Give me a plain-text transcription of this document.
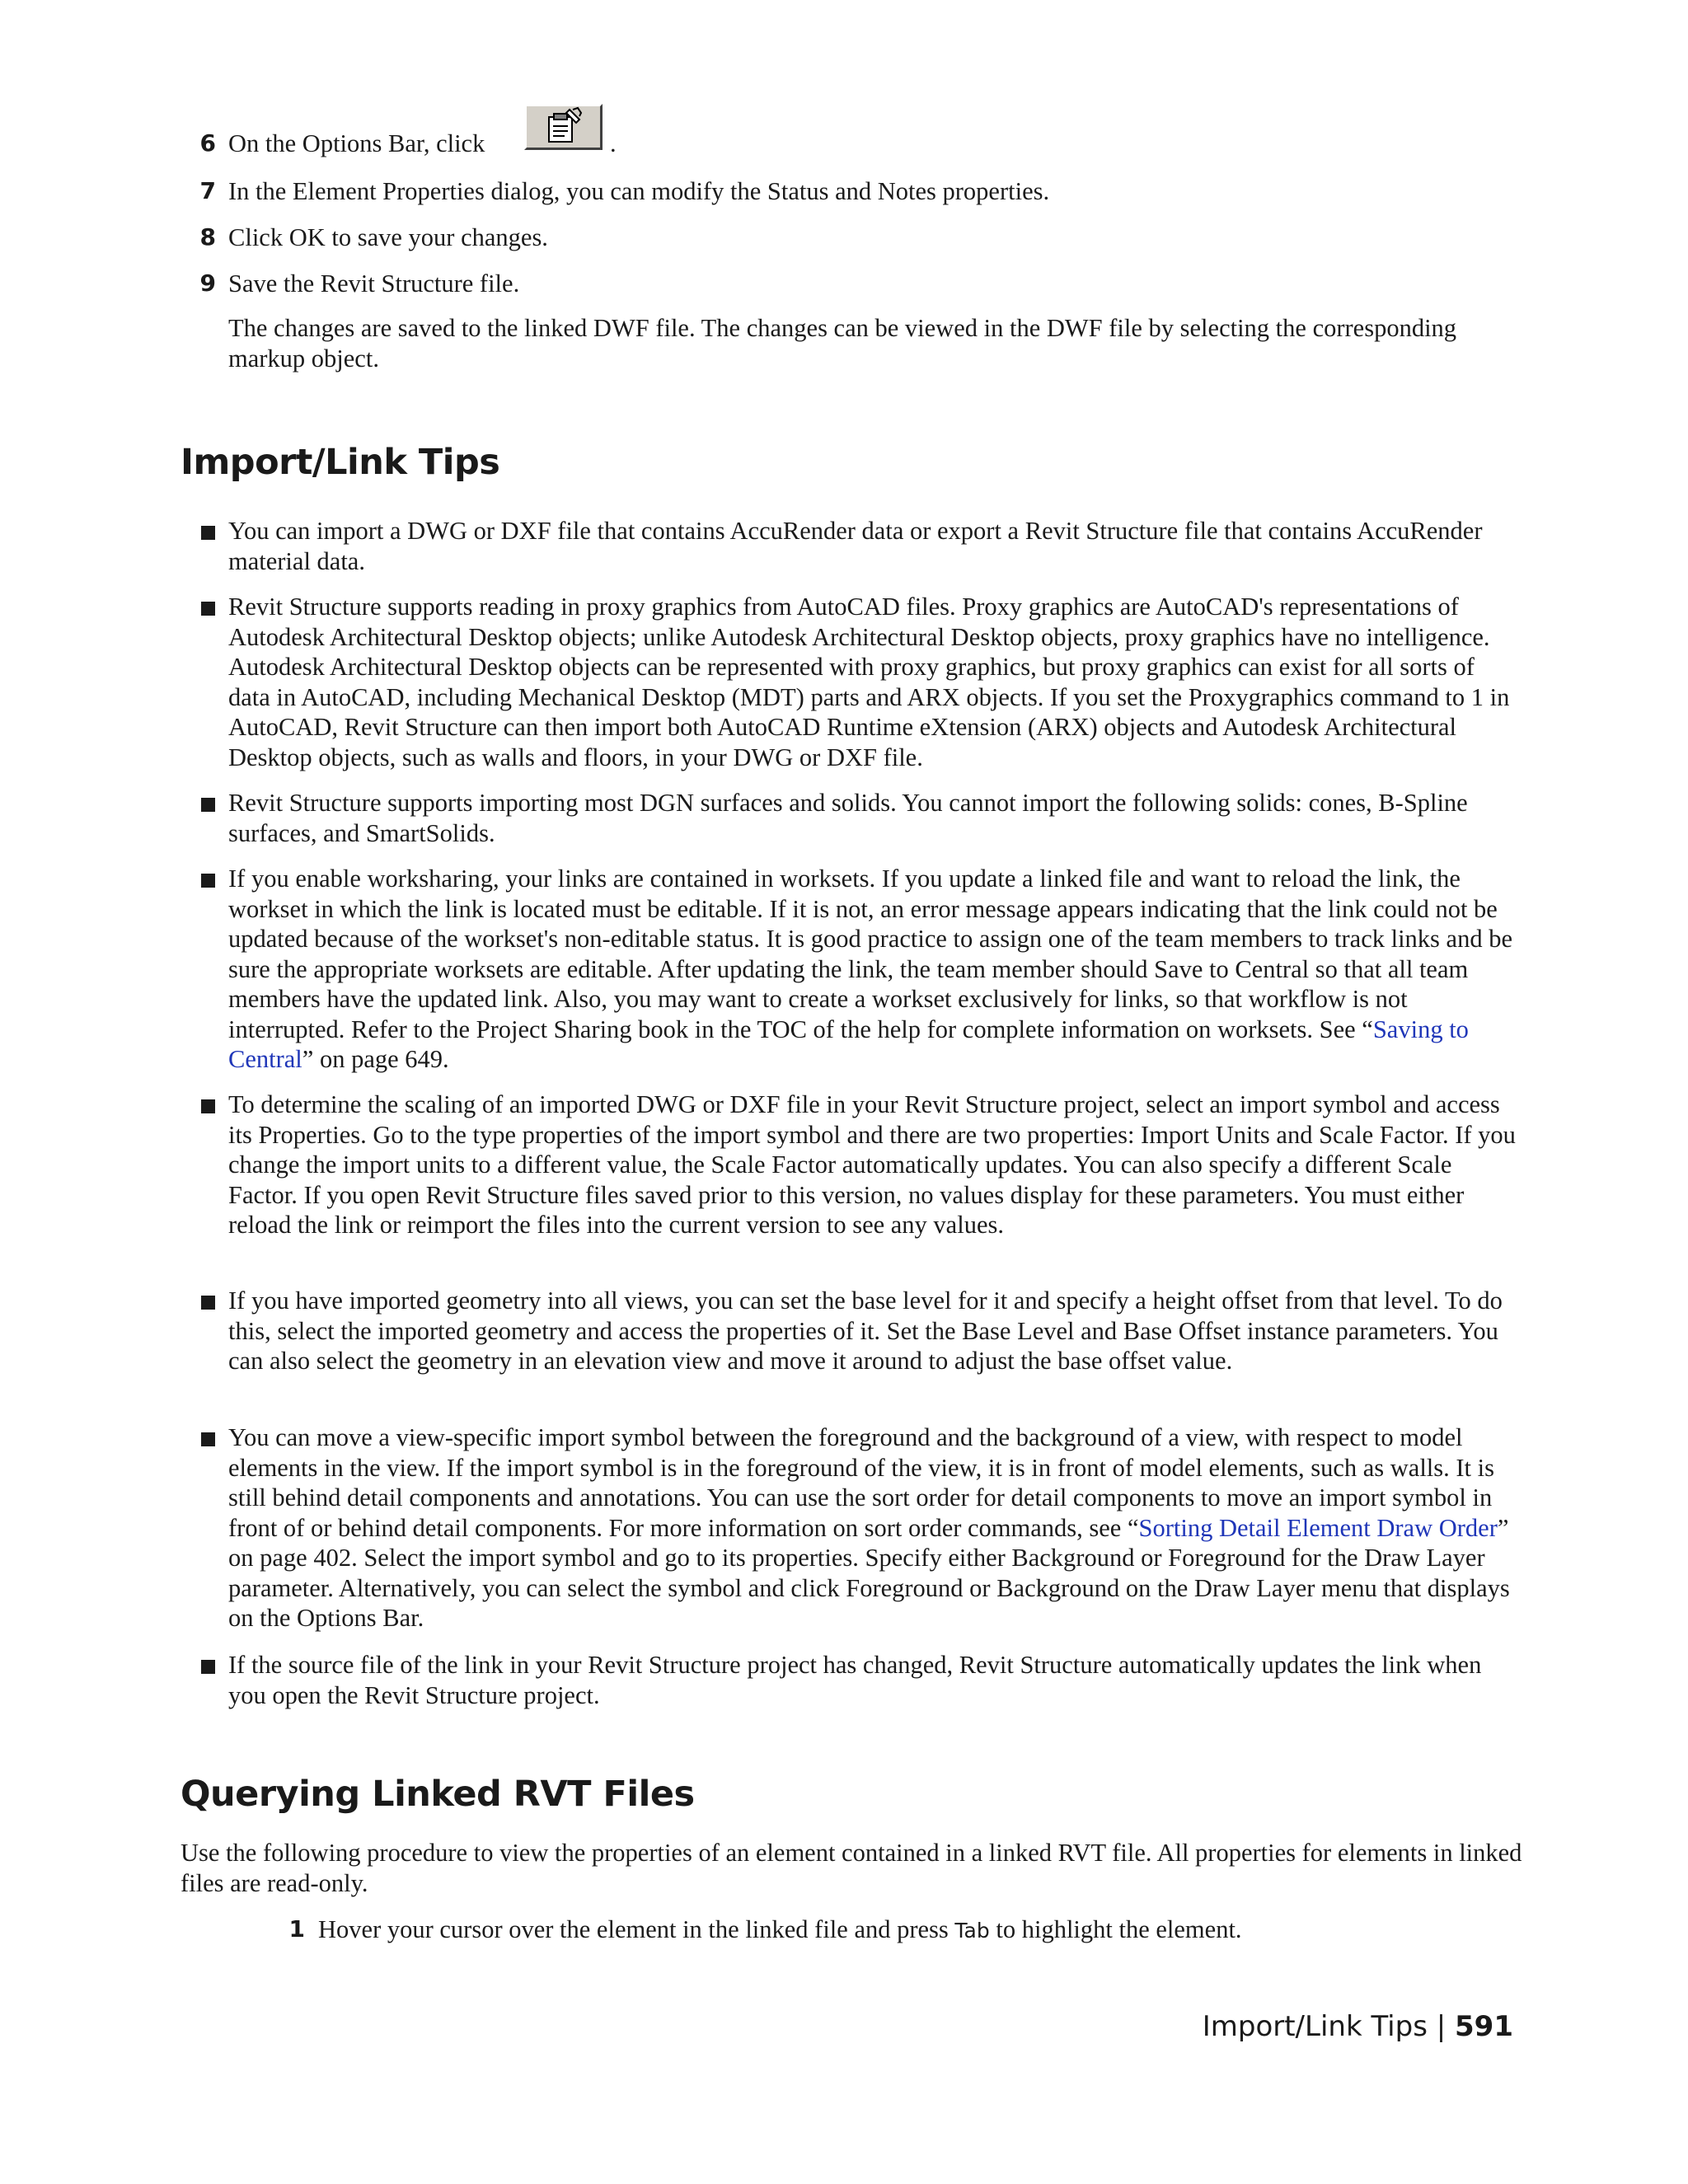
6 On the Options Bar, click	.
7 In the Element Properties dialog, you can modify the Status and Notes properties.
8 Click OK to save your changes.
9 Save the Revit Structure file.
The changes are saved to the linked DWF file. The changes can be viewed in the DWF file by selecting the corresponding markup object.
Import/Link Tips
You can import a DWG or DXF file that contains AccuRender data or export a Revit Structure file that contains AccuRender material data.
Revit Structure supports reading in proxy graphics from AutoCAD files. Proxy graphics are AutoCAD's representations of Autodesk Architectural Desktop objects; unlike Autodesk Architectural Desktop objects, proxy graphics have no intelligence. Autodesk Architectural Desktop objects can be represented with proxy graphics, but proxy graphics can exist for all sorts of data in AutoCAD, including Mechanical Desktop (MDT) parts and ARX objects. If you set the Proxygraphics command to 1 in AutoCAD, Revit Structure can then import both AutoCAD Runtime eXtension (ARX) objects and Autodesk Architectural Desktop objects, such as walls and floors, in your DWG or DXF file.
Revit Structure supports importing most DGN surfaces and solids. You cannot import the following solids: cones, B-Spline surfaces, and SmartSolids.
If you enable worksharing, your links are contained in worksets. If you update a linked file and want to reload the link, the workset in which the link is located must be editable. If it is not, an error message appears indicating that the link could not be updated because of the workset's non-editable status. It is good practice to assign one of the team members to track links and be sure the appropriate worksets are editable. After updating the link, the team member should Save to Central so that all team members have the updated link. Also, you may want to create a workset exclusively for links, so that workflow is not interrupted. Refer to the Project Sharing book in the TOC of the help for complete information on worksets. See “Saving to Central” on page 649.
To determine the scaling of an imported DWG or DXF file in your Revit Structure project, select an import symbol and access its Properties. Go to the type properties of the import symbol and there are two properties: Import Units and Scale Factor. If you change the import units to a different value, the Scale Factor automatically updates. You can also specify a different Scale Factor. If you open Revit Structure files saved prior to this version, no values display for these parameters. You must either reload the link or reimport the files into the current version to see any values.
If you have imported geometry into all views, you can set the base level for it and specify a height offset from that level. To do this, select the imported geometry and access the properties of it. Set the Base Level and Base Offset instance parameters. You can also select the geometry in an elevation view and move it around to adjust the base offset value.
You can move a view-specific import symbol between the foreground and the background of a view, with respect to model elements in the view. If the import symbol is in the foreground of the view, it is in front of model elements, such as walls. It is still behind detail components and annotations. You can use the sort order for detail components to move an import symbol in front of or behind detail components. For more information on sort order commands, see “Sorting Detail Element Draw Order” on page 402. Select the import symbol and go to its properties. Specify either Background or Foreground for the Draw Layer parameter. Alternatively, you can select the symbol and click Foreground or Background on the Draw Layer menu that displays on the Options Bar.
If the source file of the link in your Revit Structure project has changed, Revit Structure automatically updates the link when you open the Revit Structure project.
Querying Linked RVT Files
Use the following procedure to view the properties of an element contained in a linked RVT file. All properties for elements in linked files are read-only.
1 Hover your cursor over the element in the linked file and press Tab to highlight the element.
Import/Link Tips | 591
